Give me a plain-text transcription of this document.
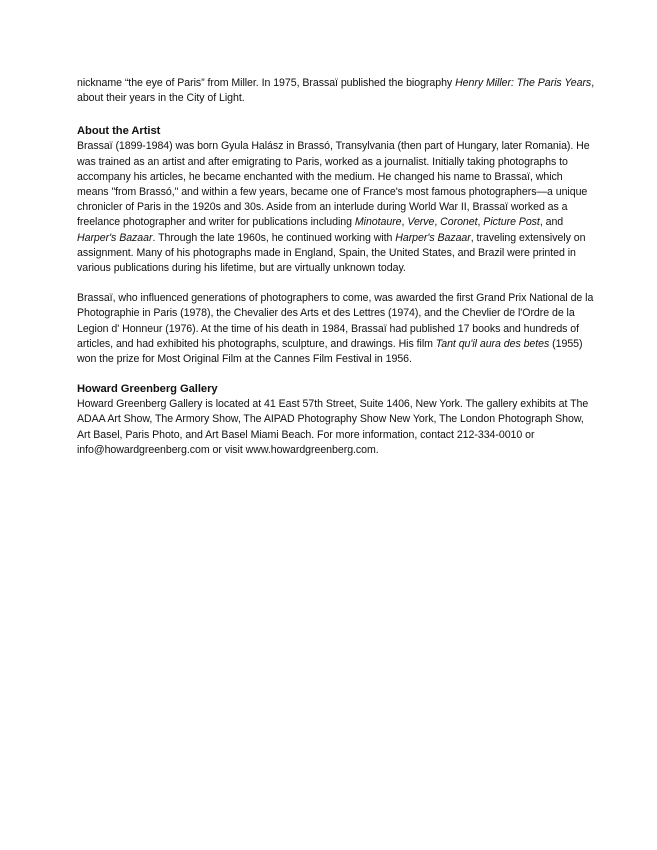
nickname “the eye of Paris” from Miller. In 1975, Brassaï published the biography Henry Miller: The Paris Years, about their years in the City of Light.

About the Artist

Brassaï (1899-1984) was born Gyula Halász in Brassó, Transylvania (then part of Hungary, later Romania). He was trained as an artist and after emigrating to Paris, worked as a journalist. Initially taking photographs to accompany his articles, he became enchanted with the medium. He changed his name to Brassaï, which means "from Brassó," and within a few years, became one of France's most famous photographers—a unique chronicler of Paris in the 1920s and 30s. Aside from an interlude during World War II, Brassaï worked as a freelance photographer and writer for publications including Minotaure, Verve, Coronet, Picture Post, and Harper's Bazaar. Through the late 1960s, he continued working with Harper's Bazaar, traveling extensively on assignment. Many of his photographs made in England, Spain, the United States, and Brazil were printed in various publications during his lifetime, but are virtually unknown today.

Brassaï, who influenced generations of photographers to come, was awarded the first Grand Prix National de la Photographie in Paris (1978), the Chevalier des Arts et des Lettres (1974), and the Chevlier de l'Ordre de la Legion d' Honneur (1976). At the time of his death in 1984, Brassaï had published 17 books and hundreds of articles, and had exhibited his photographs, sculpture, and drawings. His film Tant qu'il aura des betes (1955) won the prize for Most Original Film at the Cannes Film Festival in 1956.

Howard Greenberg Gallery

Howard Greenberg Gallery is located at 41 East 57th Street, Suite 1406, New York. The gallery exhibits at The ADAA Art Show, The Armory Show, The AIPAD Photography Show New York, The London Photograph Show, Art Basel, Paris Photo, and Art Basel Miami Beach. For more information, contact 212-334-0010 or info@howardgreenberg.com or visit www.howardgreenberg.com.
